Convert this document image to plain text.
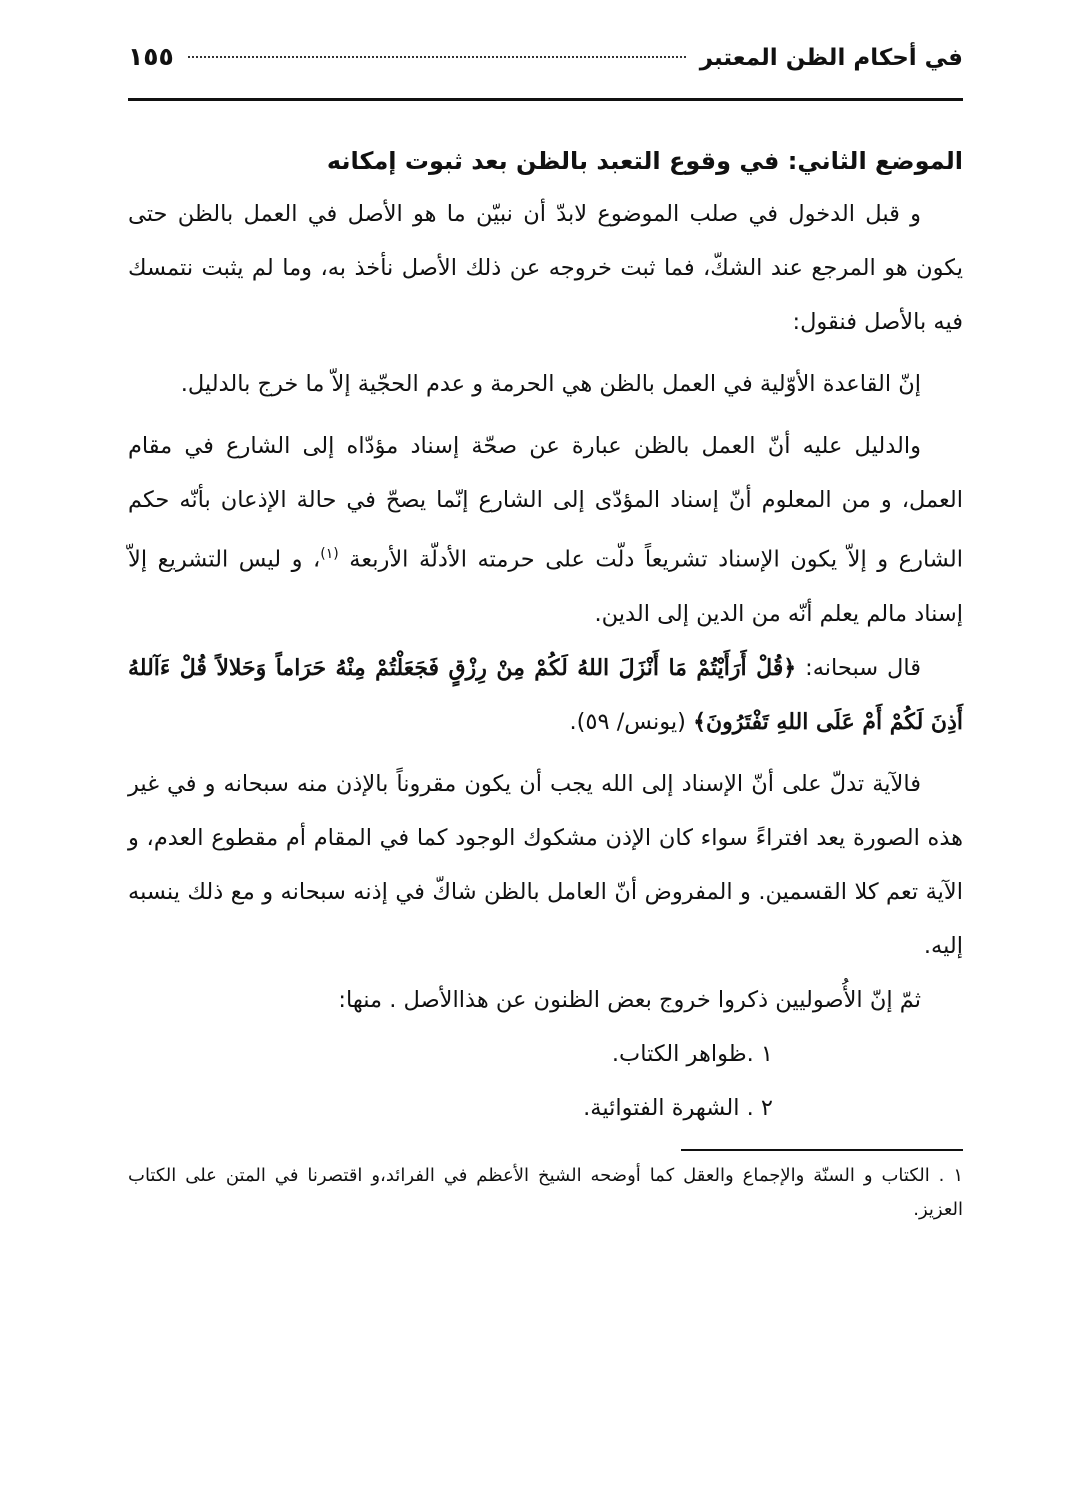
في أحكام الظن المعتبر
١٥٥
الموضع الثاني: في وقوع التعبد بالظن بعد ثبوت إمكانه

و قبل الدخول في صلب الموضوع لابدّ أن نبيّن ما هو الأصل في العمل بالظن حتى يكون هو المرجع عند الشكّ، فما ثبت خروجه عن ذلك الأصل نأخذ به، وما لم يثبت نتمسك فيه بالأصل فنقول:

إنّ القاعدة الأوّلية في العمل بالظن هي الحرمة و عدم الحجّية إلاّ ما خرج بالدليل.

والدليل عليه أنّ العمل بالظن عبارة عن صحّة إسناد مؤدّاه إلى الشارع في مقام العمل، و من المعلوم أنّ إسناد المؤدّى إلى الشارع إنّما يصحّ في حالة الإذعان بأنّه حكم الشارع و إلاّ يكون الإسناد تشريعاً دلّت على حرمته الأدلّة الأربعة $^{(١)}$، و ليس التشريع إلاّ إسناد مالم يعلم أنّه من الدين إلى الدين.

قال سبحانه: ﴿قُلْ أَرَأَيْتُمْ مَا أَنْزَلَ اللهُ لَكُمْ مِنْ رِزْقٍ فَجَعَلْتُمْ مِنْهُ حَرَاماً وَحَلالاً قُلْ ءَآللهُ أَذِنَ لَكُمْ أَمْ عَلَى اللهِ تَفْتَرُونَ﴾ (يونس/ ٥٩).

فالآية تدلّ على أنّ الإسناد إلى الله يجب أن يكون مقروناً بالإذن منه سبحانه و في غير هذه الصورة يعد افتراءً سواء كان الإذن مشكوك الوجود كما في المقام أم مقطوع العدم، و الآية تعم كلا القسمين. و المفروض أنّ العامل بالظن شاكّ في إذنه سبحانه و مع ذلك ينسبه إليه.

ثمّ إنّ الأُصوليين ذكروا خروج بعض الظنون عن هذاالأصل . منها:

١ .ظواهر الكتاب.

٢ . الشهرة الفتوائية.

١ . الكتاب و السنّة والإجماع والعقل كما أوضحه الشيخ الأعظم في الفرائد،و اقتصرنا في المتن على الكتاب العزيز.
